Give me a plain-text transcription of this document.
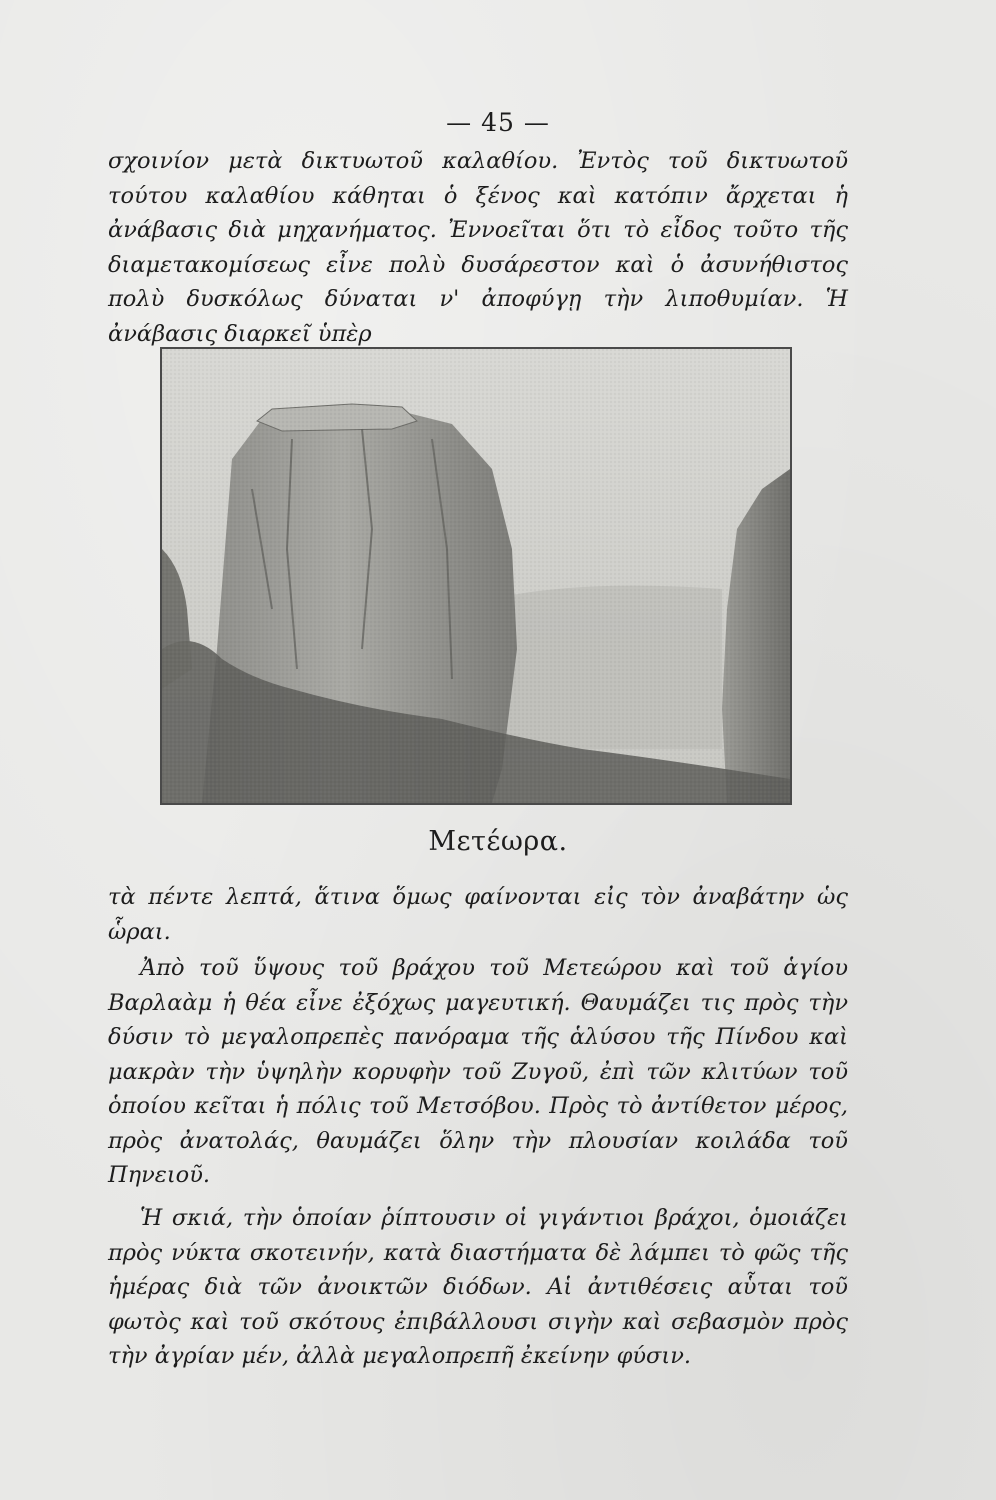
— 45 —

σχοινίον μετὰ δικτυωτοῦ καλαθίου. Ἐντὸς τοῦ δικτυωτοῦ τούτου καλαθίου κάθηται ὁ ξένος καὶ κατόπιν ἄρχεται ἡ ἀνάβασις διὰ μηχανήματος. Ἐννοεῖται ὅτι τὸ εἶδος τοῦτο τῆς διαμετακομίσεως εἶνε πολὺ δυσάρεστον καὶ ὁ ἀσυνήθιστος πολὺ δυσκόλως δύναται ν' ἀποφύγῃ τὴν λιποθυμίαν. Ἡ ἀνάβασις διαρκεῖ ὑπὲρ

Μετέωρα.

τὰ πέντε λεπτά, ἅτινα ὅμως φαίνονται εἰς τὸν ἀναβάτην ὡς ὧραι.

Ἀπὸ τοῦ ὕψους τοῦ βράχου τοῦ Μετεώρου καὶ τοῦ ἁγίου Βαρλαὰμ ἡ θέα εἶνε ἐξόχως μαγευτική. Θαυμάζει τις πρὸς τὴν δύσιν τὸ μεγαλοπρεπὲς πανόραμα τῆς ἁλύσου τῆς Πίνδου καὶ μακρὰν τὴν ὑψηλὴν κορυφὴν τοῦ Ζυγοῦ, ἐπὶ τῶν κλιτύων τοῦ ὁποίου κεῖται ἡ πόλις τοῦ Μετσόβου. Πρὸς τὸ ἀντίθετον μέρος, πρὸς ἀνατολάς, θαυμάζει ὅλην τὴν πλουσίαν κοιλάδα τοῦ Πηνειοῦ.

Ἡ σκιά, τὴν ὁποίαν ῥίπτουσιν οἱ γιγάντιοι βράχοι, ὁμοιάζει πρὸς νύκτα σκοτεινήν, κατὰ διαστήματα δὲ λάμπει τὸ φῶς τῆς ἡμέρας διὰ τῶν ἀνοικτῶν διόδων. Αἱ ἀντιθέσεις αὗται τοῦ φωτὸς καὶ τοῦ σκότους ἐπιβάλλουσι σιγὴν καὶ σεβασμὸν πρὸς τὴν ἀγρίαν μέν, ἀλλὰ μεγαλοπρεπῆ ἐκείνην φύσιν.
